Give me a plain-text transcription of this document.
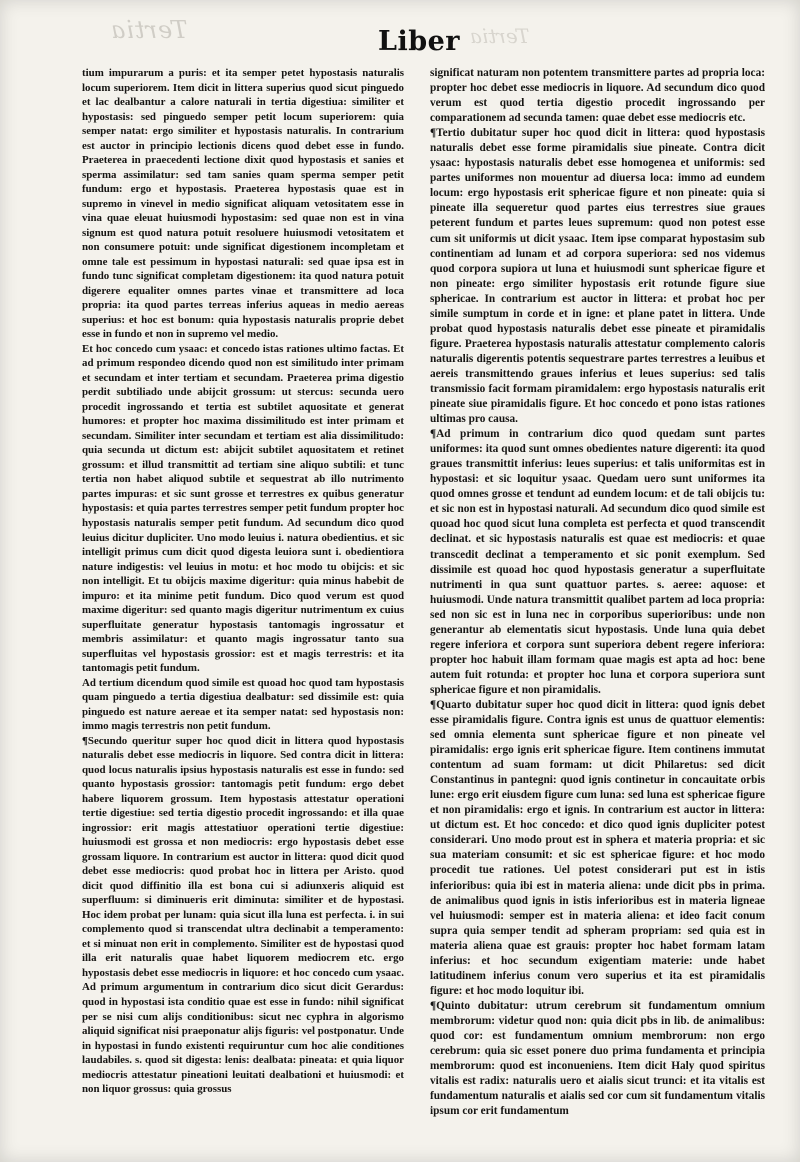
Tertia	Tertia
Liber

tium impurarum a puris: et ita semper petet hypostasis naturalis locum superiorem. Item dicit in littera superius quod sicut pinguedo et lac dealbantur a calore naturali in tertia digestiua: similiter et hypostasis: sed pinguedo semper petit locum superiorem: quia semper natat: ergo similiter et hypostasis naturalis. In contrarium est auctor in principio lectionis dicens quod debet esse in fundo. Praeterea in praecedenti lectione dixit quod hypostasis et sanies et sperma assimilatur: sed tam sanies quam sperma semper petit fundum: ergo et hypostasis. Praeterea hypostasis quae est in supremo in vinevel in medio significat aliquam vetositatem esse in vina quae eleuat huiusmodi hypostasim: sed quae non est in vina signum est quod natura potuit resoluere huiusmodi vetositatem et non consumere potuit: unde significat digestionem incompletam et omne tale est pessimum in hypostasi naturali: sed quae ipsa est in fundo tunc significat completam digestionem: ita quod natura potuit digerere equaliter omnes partes vinae et transmittere ad loca propria: ita quod partes terreas inferius aqueas in medio aereas superius: et hoc est bonum: quia hypostasis naturalis proprie debet esse in fundo et non in supremo vel medio.

Et hoc concedo cum ysaac: et concedo istas rationes ultimo factas. Et ad primum respondeo dicendo quod non est similitudo inter primam et secundam et inter tertiam et secundam. Praeterea prima digestio perdit subtiliado unde abijcit grossum: ut stercus: secunda uero procedit ingrossando et tertia est subtilet aquositate et generat humores: et propter hoc maxima dissimilitudo est inter primam et secundam. Similiter inter secundam et tertiam est alia dissimilitudo: quia secunda ut dictum est: abijcit subtilet aquositatem et retinet grossum: et illud transmittit ad tertiam sine aliquo subtili: et tunc tertia non habet aliquod subtile et sequestrat ab illo nutrimento partes impuras: et sic sunt grosse et terrestres ex quibus generatur hypostasis: et quia partes terrestres semper petit fundum propter hoc hypostasis naturalis semper petit fundum. Ad secundum dico quod leuius dicitur dupliciter. Uno modo leuius i. natura obedientius. et sic intelligit primus cum dicit quod digesta leuiora sunt i. obedientiora nature indigestis: vel leuius in motu: et hoc modo tu obijcis: et sic non intelligit. Et tu obijcis maxime digeritur: quia minus habebit de impuro: et ita minime petit fundum. Dico quod verum est quod maxime digeritur: sed quanto magis digeritur nutrimentum ex cuius superfluitate generatur hypostasis tantomagis ingrossatur et membris assimilatur: et quanto magis ingrossatur tanto sua superfluitas vel hypostasis grossior: est et magis terrestris: et ita tantomagis petit fundum.

Ad tertium dicendum quod simile est quoad hoc quod tam hypostasis quam pinguedo a tertia digestiua dealbatur: sed dissimile est: quia pinguedo est nature aereae et ita semper natat: sed hypostasis non: immo magis terrestris non petit fundum.

¶ Secundo queritur super hoc quod dicit in littera quod hypostasis naturalis debet esse mediocris in liquore. Sed contra dicit in littera: quod locus naturalis ipsius hypostasis naturalis est esse in fundo: sed quanto hypostasis grossior: tantomagis petit fundum: ergo debet habere liquorem grossum. Item hypostasis attestatur operationi tertie digestiue: sed tertia digestio procedit ingrossando: et illa quae ingrossior: erit magis attestatiuor operationi tertie digestiue: huiusmodi est grossa et non mediocris: ergo hypostasis debet esse grossam liquore. In contrarium est auctor in littera: quod dicit quod debet esse mediocris: quod probat hoc in littera per Aristo. quod dicit quod diffinitio illa est bona cui si adiunxeris aliquid est superfluum: si diminueris erit diminuta: similiter et de hypostasi. Hoc idem probat per lunam: quia sicut illa luna est perfecta. i. in sui complemento quod si transcendat ultra declinabit a temperamento: et si minuat non erit in complemento. Similiter est de hypostasi quod illa erit naturalis quae habet liquorem mediocrem etc. ergo hypostasis debet esse mediocris in liquore: et hoc concedo cum ysaac. Ad primum argumentum in contrarium dico sicut dicit Gerardus: quod in hypostasi ista conditio quae est esse in fundo: nihil significat per se nisi cum alijs conditionibus: sicut nec cyphra in algorismo aliquid significat nisi praeponatur alijs figuris: vel postponatur. Unde in hypostasi in fundo existenti requiruntur cum hoc alie conditiones laudabiles. s. quod sit digesta: lenis: dealbata: pineata: et quia liquor mediocris attestatur pineationi leuitati dealbationi et huiusmodi: et non liquor grossus: quia grossus

significat naturam non potentem transmittere partes ad propria loca: propter hoc debet esse mediocris in liquore. Ad secundum dico quod verum est quod tertia digestio procedit ingrossando per comparationem ad secunda tamen: quae debet esse mediocris etc.

¶ Tertio dubitatur super hoc quod dicit in littera: quod hypostasis naturalis debet esse forme piramidalis siue pineate. Contra dicit ysaac: hypostasis naturalis debet esse homogenea et uniformis: sed partes uniformes non mouentur ad diuersa loca: immo ad eundem locum: ergo hypostasis erit sphericae figure et non pineate: quia si pineate illa sequeretur quod partes eius terrestres siue graues peterent fundum et partes leues supremum: quod non potest esse cum sit uniformis ut dicit ysaac. Item ipse comparat hypostasim sub continentiam ad lunam et ad corpora superiora: sed nos videmus quod corpora supiora ut luna et huiusmodi sunt sphericae figure et non pineate: ergo similiter hypostasis erit rotunde figure siue sphericae. In contrarium est auctor in littera: et probat hoc per simile sumptum in corde et in igne: et plane patet in littera. Unde probat quod hypostasis naturalis debet esse pineate et piramidalis figure. Praeterea hypostasis naturalis attestatur complemento caloris naturalis digerentis potentis sequestrare partes terrestres a leuibus et aereis transmittendo graues inferius et leues superius: sed talis transmissio facit formam piramidalem: ergo hypostasis naturalis erit pineate siue piramidalis figure. Et hoc concedo et pono istas rationes ultimas pro causa.

¶ Ad primum in contrarium dico quod quedam sunt partes uniformes: ita quod sunt omnes obedientes nature digerenti: ita quod graues transmittit inferius: leues superius: et talis uniformitas est in hypostasi: et sic loquitur ysaac. Quedam uero sunt uniformes ita quod omnes grosse et tendunt ad eundem locum: et de tali obijcis tu: et sic non est in hypostasi naturali. Ad secundum dico quod simile est quoad hoc quod sicut luna completa est perfecta et quod transcendit declinat. et sic hypostasis naturalis est quae est mediocris: et quae transcedit declinat a temperamento et sic ponit exemplum. Sed dissimile est quoad hoc quod hypostasis generatur a superfluitate nutrimenti in qua sunt quattuor partes. s. aeree: aquose: et huiusmodi. Unde natura transmittit qualibet partem ad loca propria: sed non sic est in luna nec in corporibus superioribus: unde non generantur ab elementatis sicut hypostasis. Unde luna quia debet regere inferiora et corpora sunt superiora debent regere inferiora: propter hoc habuit illam formam quae magis est apta ad hoc: bene autem fuit rotunda: et propter hoc luna et corpora superiora sunt sphericae figure et non piramidalis.

¶ Quarto dubitatur super hoc quod dicit in littera: quod ignis debet esse piramidalis figure. Contra ignis est unus de quattuor elementis: sed omnia elementa sunt sphericae figure et non pineate vel piramidalis: ergo ignis erit sphericae figure. Item continens immutat contentum ad suam formam: ut dicit Philaretus: sed dicit Constantinus in pantegni: quod ignis continetur in concauitate orbis lune: ergo erit eiusdem figure cum luna: sed luna est sphericae figure et non piramidalis: ergo et ignis. In contrarium est auctor in littera: ut dictum est. Et hoc concedo: et dico quod ignis dupliciter potest considerari. Uno modo prout est in sphera et materia propria: et sic sua materiam consumit: et sic est sphericae figure: et hoc modo procedit tue rationes. Uel potest considerari put est in istis inferioribus: quia ibi est in materia aliena: unde dicit pbs in prima. de animalibus quod ignis in istis inferioribus est in materia ligneae vel huiusmodi: semper est in materia aliena: et ideo facit conum supra quia semper tendit ad spheram propriam: sed quia est in materia aliena quae est grauis: propter hoc habet formam latam inferius: et hoc secundum exigentiam materie: unde habet latitudinem inferius conum vero superius et ita est piramidalis figure: et hoc modo loquitur ibi.

¶ Quinto dubitatur: utrum cerebrum sit fundamentum omnium membrorum: videtur quod non: quia dicit pbs in lib. de animalibus: quod cor: est fundamentum omnium membrorum: non ergo cerebrum: quia sic esset ponere duo prima fundamenta et principia membrorum: quod est inconueniens. Item dicit Haly quod spiritus vitalis est radix: naturalis uero et aialis sicut trunci: et ita vitalis est fundamentum naturalis et aialis sed cor cum sit fundamentum vitalis ipsum cor erit fundamentum
